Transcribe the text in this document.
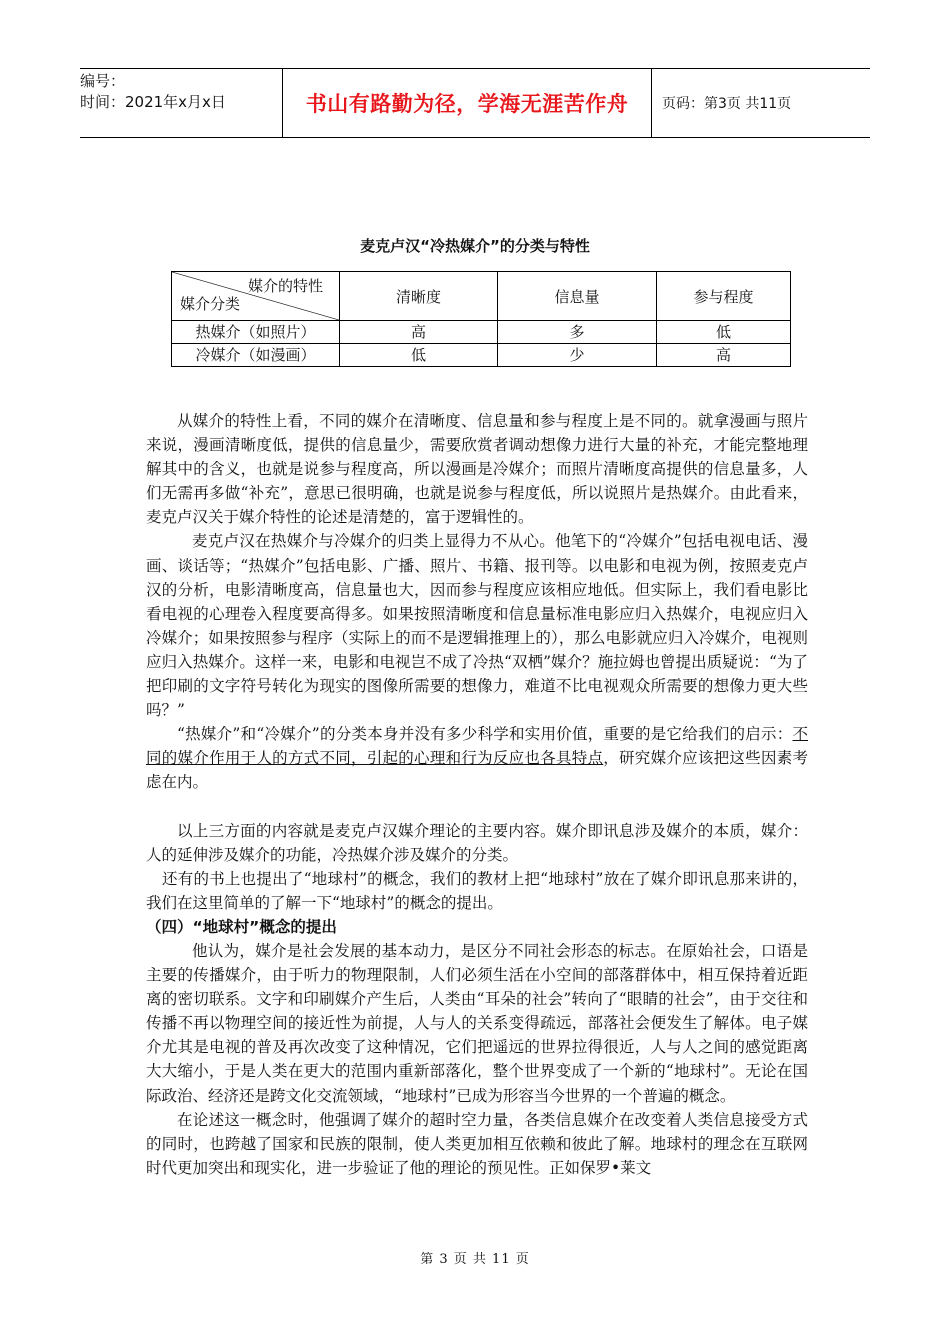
编号：
时间：2021年x月x日	书山有路勤为径，学海无涯苦作舟	页码：第3页 共11页
麦克卢汉“冷热媒介”的分类与特性
媒介的特性
媒介分类	清晰度	信息量	参与程度
热媒介（如照片）	高	多	低
冷媒介（如漫画）	低	少	高

从媒介的特性上看，不同的媒介在清晰度、信息量和参与程度上是不同的。就拿漫画与照片来说，漫画清晰度低，提供的信息量少，需要欣赏者调动想像力进行大量的补充，才能完整地理解其中的含义，也就是说参与程度高，所以漫画是冷媒介；而照片清晰度高提供的信息量多，人们无需再多做“补充”，意思已很明确，也就是说参与程度低，所以说照片是热媒介。由此看来，麦克卢汉关于媒介特性的论述是清楚的，富于逻辑性的。

麦克卢汉在热媒介与冷媒介的归类上显得力不从心。他笔下的“冷媒介”包括电视电话、漫画、谈话等；“热媒介”包括电影、广播、照片、书籍、报刊等。以电影和电视为例，按照麦克卢汉的分析，电影清晰度高，信息量也大，因而参与程度应该相应地低。但实际上，我们看电影比看电视的心理卷入程度要高得多。如果按照清晰度和信息量标准电影应归入热媒介，电视应归入冷媒介；如果按照参与程序（实际上的而不是逻辑推理上的），那么电影就应归入冷媒介，电视则应归入热媒介。这样一来，电影和电视岂不成了冷热“双栖”媒介？施拉姆也曾提出质疑说：“为了把印刷的文字符号转化为现实的图像所需要的想像力，难道不比电视观众所需要的想像力更大些吗？”

“热媒介”和“冷媒介”的分类本身并没有多少科学和实用价值，重要的是它给我们的启示：不同的媒介作用于人的方式不同，引起的心理和行为反应也各具特点，研究媒介应该把这些因素考虑在内。

以上三方面的内容就是麦克卢汉媒介理论的主要内容。媒介即讯息涉及媒介的本质，媒介：人的延伸涉及媒介的功能，冷热媒介涉及媒介的分类。

还有的书上也提出了“地球村”的概念，我们的教材上把“地球村”放在了媒介即讯息那来讲的，我们在这里简单的了解一下“地球村”的概念的提出。

（四）“地球村”概念的提出

他认为，媒介是社会发展的基本动力，是区分不同社会形态的标志。在原始社会，口语是主要的传播媒介，由于听力的物理限制，人们必须生活在小空间的部落群体中，相互保持着近距离的密切联系。文字和印刷媒介产生后，人类由“耳朵的社会”转向了“眼睛的社会”，由于交往和传播不再以物理空间的接近性为前提，人与人的关系变得疏远，部落社会便发生了解体。电子媒介尤其是电视的普及再次改变了这种情况，它们把遥远的世界拉得很近，人与人之间的感觉距离大大缩小，于是人类在更大的范围内重新部落化，整个世界变成了一个新的“地球村”。无论在国际政治、经济还是跨文化交流领域，“地球村”已成为形容当今世界的一个普遍的概念。

在论述这一概念时，他强调了媒介的超时空力量，各类信息媒介在改变着人类信息接受方式的同时，也跨越了国家和民族的限制，使人类更加相互依赖和彼此了解。地球村的理念在互联网时代更加突出和现实化，进一步验证了他的理论的预见性。正如保罗•莱文

第 3 页 共 11 页
